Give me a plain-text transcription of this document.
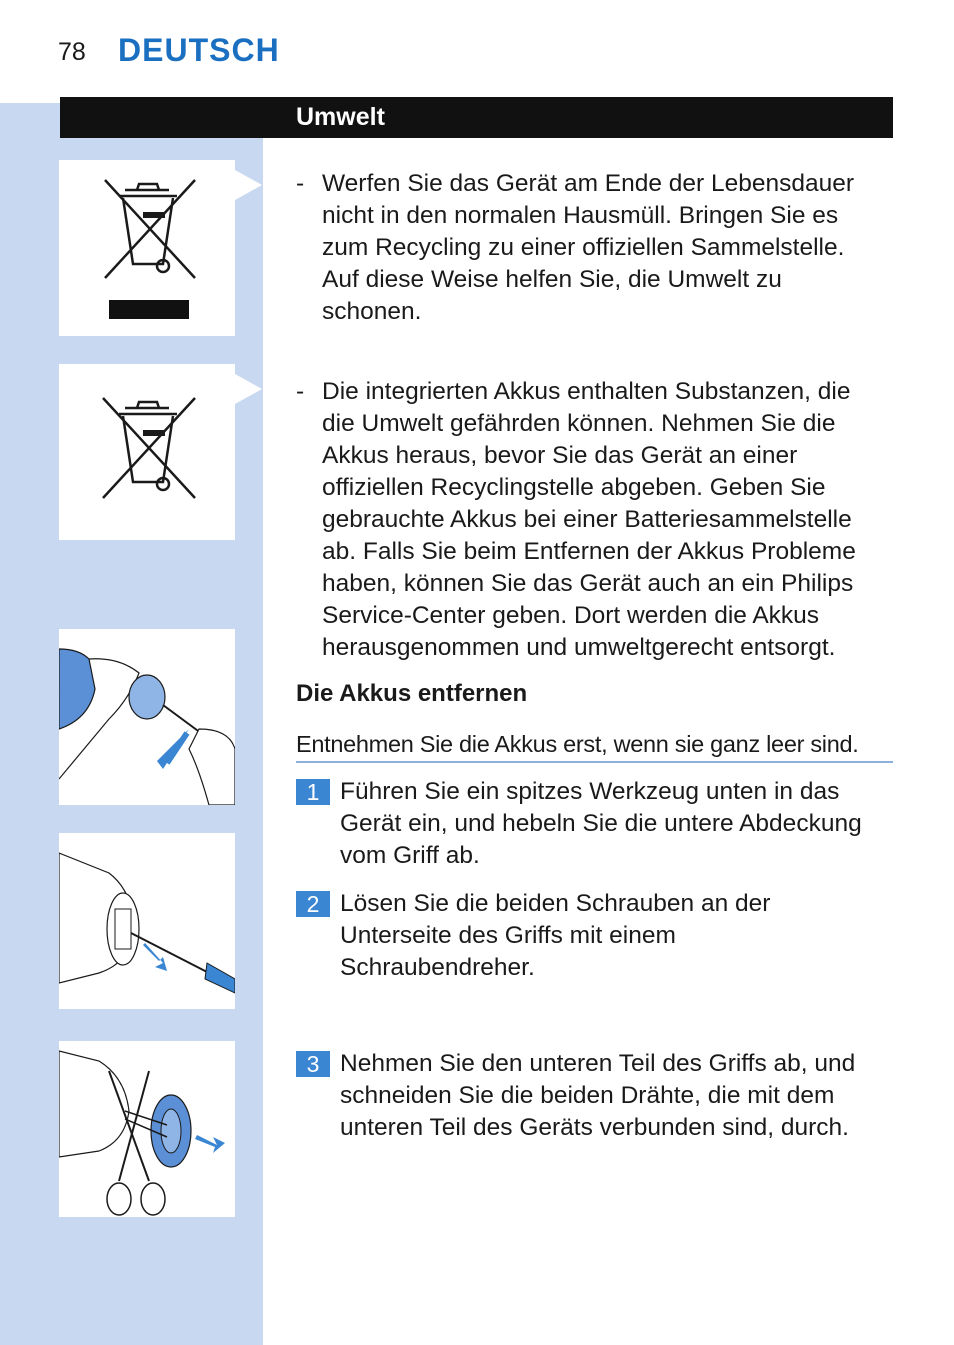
78 DEUTSCH
Umwelt
- Werfen Sie das Gerät am Ende der Lebensdauer nicht in den normalen Hausmüll. Bringen Sie es zum Recycling zu einer offiziellen Sammelstelle. Auf diese Weise helfen Sie, die Umwelt zu schonen.
- Die integrierten Akkus enthalten Substanzen, die die Umwelt gefährden können. Nehmen Sie die Akkus heraus, bevor Sie das Gerät an einer offiziellen Recyclingstelle abgeben. Geben Sie gebrauchte Akkus bei einer Batteriesammelstelle ab. Falls Sie beim Entfernen der Akkus Probleme haben, können Sie das Gerät auch an ein Philips Service-Center geben. Dort werden die Akkus herausgenommen und umweltgerecht entsorgt.
Die Akkus entfernen
Entnehmen Sie die Akkus erst, wenn sie ganz leer sind.
1 Führen Sie ein spitzes Werkzeug unten in das Gerät ein, und hebeln Sie die untere Abdeckung vom Griff ab.
2 Lösen Sie die beiden Schrauben an der Unterseite des Griffs mit einem Schraubendreher.
3 Nehmen Sie den unteren Teil des Griffs ab, und schneiden Sie die beiden Drähte, die mit dem unteren Teil des Geräts verbunden sind, durch.
